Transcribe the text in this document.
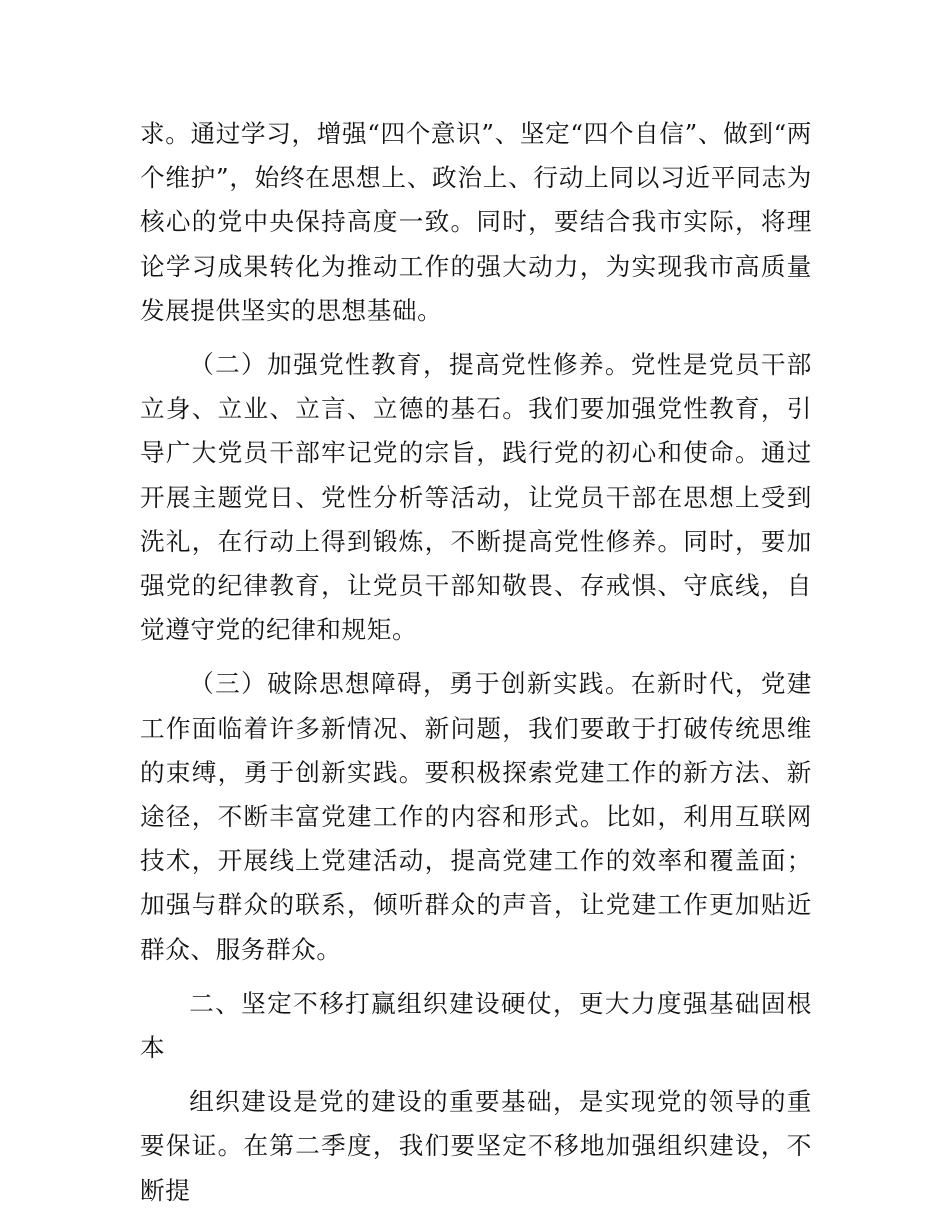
求。通过学习，增强“四个意识”、坚定“四个自信”、做到“两个维护”，始终在思想上、政治上、行动上同以习近平同志为核心的党中央保持高度一致。同时，要结合我市实际，将理论学习成果转化为推动工作的强大动力，为实现我市高质量发展提供坚实的思想基础。

（二）加强党性教育，提高党性修养。党性是党员干部立身、立业、立言、立德的基石。我们要加强党性教育，引导广大党员干部牢记党的宗旨，践行党的初心和使命。通过开展主题党日、党性分析等活动，让党员干部在思想上受到洗礼，在行动上得到锻炼，不断提高党性修养。同时，要加强党的纪律教育，让党员干部知敬畏、存戒惧、守底线，自觉遵守党的纪律和规矩。

（三）破除思想障碍，勇于创新实践。在新时代，党建工作面临着许多新情况、新问题，我们要敢于打破传统思维的束缚，勇于创新实践。要积极探索党建工作的新方法、新途径，不断丰富党建工作的内容和形式。比如，利用互联网技术，开展线上党建活动，提高党建工作的效率和覆盖面；加强与群众的联系，倾听群众的声音，让党建工作更加贴近群众、服务群众。

二、坚定不移打赢组织建设硬仗，更大力度强基础固根本

组织建设是党的建设的重要基础，是实现党的领导的重要保证。在第二季度，我们要坚定不移地加强组织建设，不断提
